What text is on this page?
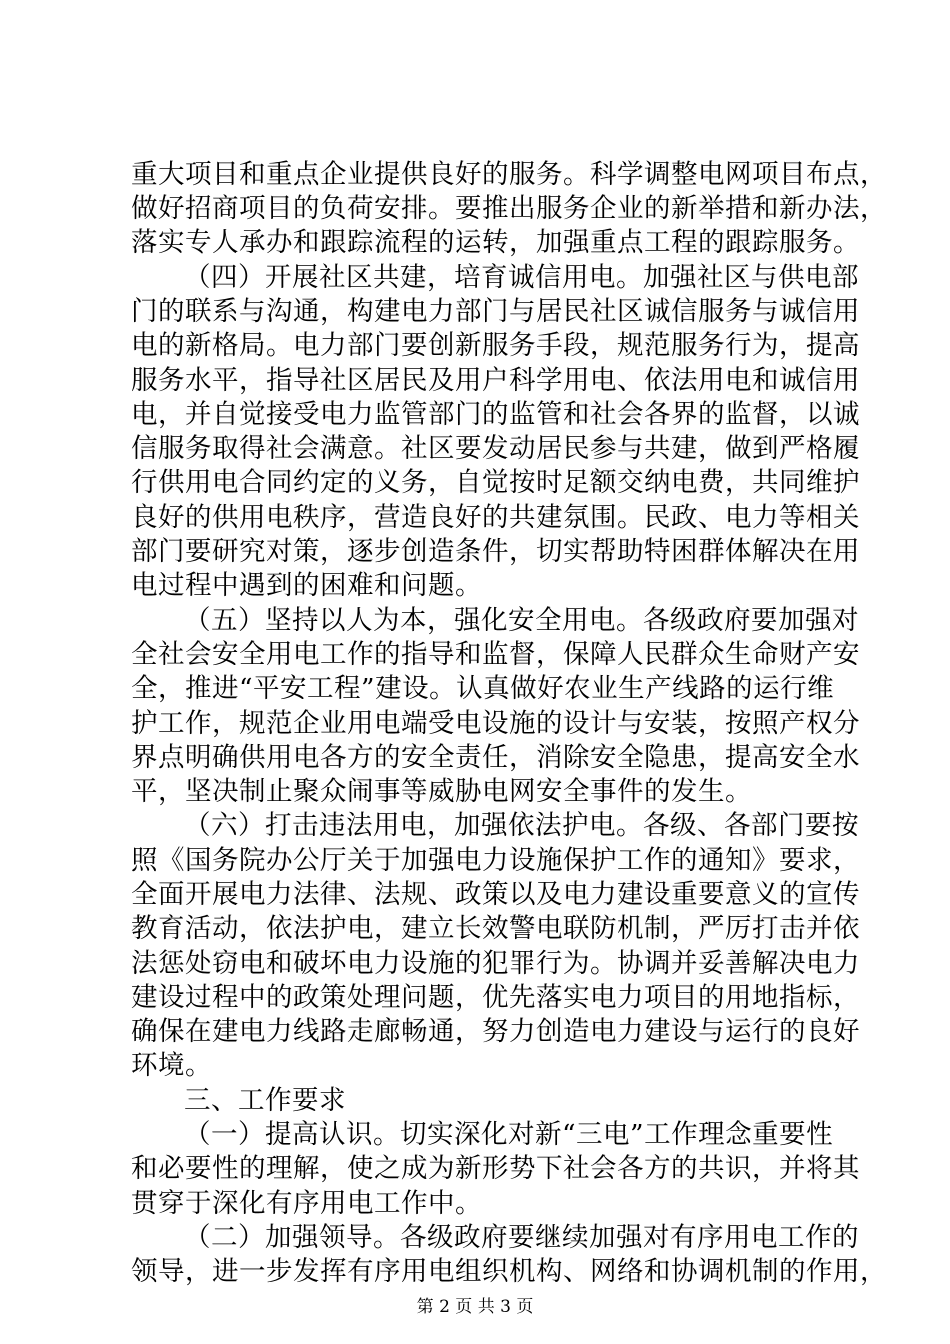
重大项目和重点企业提供良好的服务。科学调整电网项目布点，
做好招商项目的负荷安排。要推出服务企业的新举措和新办法，
落实专人承办和跟踪流程的运转，加强重点工程的跟踪服务。
（四）开展社区共建，培育诚信用电。加强社区与供电部
门的联系与沟通，构建电力部门与居民社区诚信服务与诚信用
电的新格局。电力部门要创新服务手段，规范服务行为，提高
服务水平，指导社区居民及用户科学用电、依法用电和诚信用
电，并自觉接受电力监管部门的监管和社会各界的监督，以诚
信服务取得社会满意。社区要发动居民参与共建，做到严格履
行供用电合同约定的义务，自觉按时足额交纳电费，共同维护
良好的供用电秩序，营造良好的共建氛围。民政、电力等相关
部门要研究对策，逐步创造条件，切实帮助特困群体解决在用
电过程中遇到的困难和问题。
（五）坚持以人为本，强化安全用电。各级政府要加强对
全社会安全用电工作的指导和监督，保障人民群众生命财产安
全，推进“平安工程”建设。认真做好农业生产线路的运行维
护工作，规范企业用电端受电设施的设计与安装，按照产权分
界点明确供用电各方的安全责任，消除安全隐患，提高安全水
平，坚决制止聚众闹事等威胁电网安全事件的发生。
（六）打击违法用电，加强依法护电。各级、各部门要按
照《国务院办公厅关于加强电力设施保护工作的通知》要求，
全面开展电力法律、法规、政策以及电力建设重要意义的宣传
教育活动，依法护电，建立长效警电联防机制，严厉打击并依
法惩处窃电和破坏电力设施的犯罪行为。协调并妥善解决电力
建设过程中的政策处理问题，优先落实电力项目的用地指标，
确保在建电力线路走廊畅通，努力创造电力建设与运行的良好
环境。
三、工作要求
（一）提高认识。切实深化对新“三电”工作理念重要性
和必要性的理解，使之成为新形势下社会各方的共识，并将其
贯穿于深化有序用电工作中。
第 2 页 共 3 页
（二）加强领导。各级政府要继续加强对有序用电工作的
领导，进一步发挥有序用电组织机构、网络和协调机制的作用，
